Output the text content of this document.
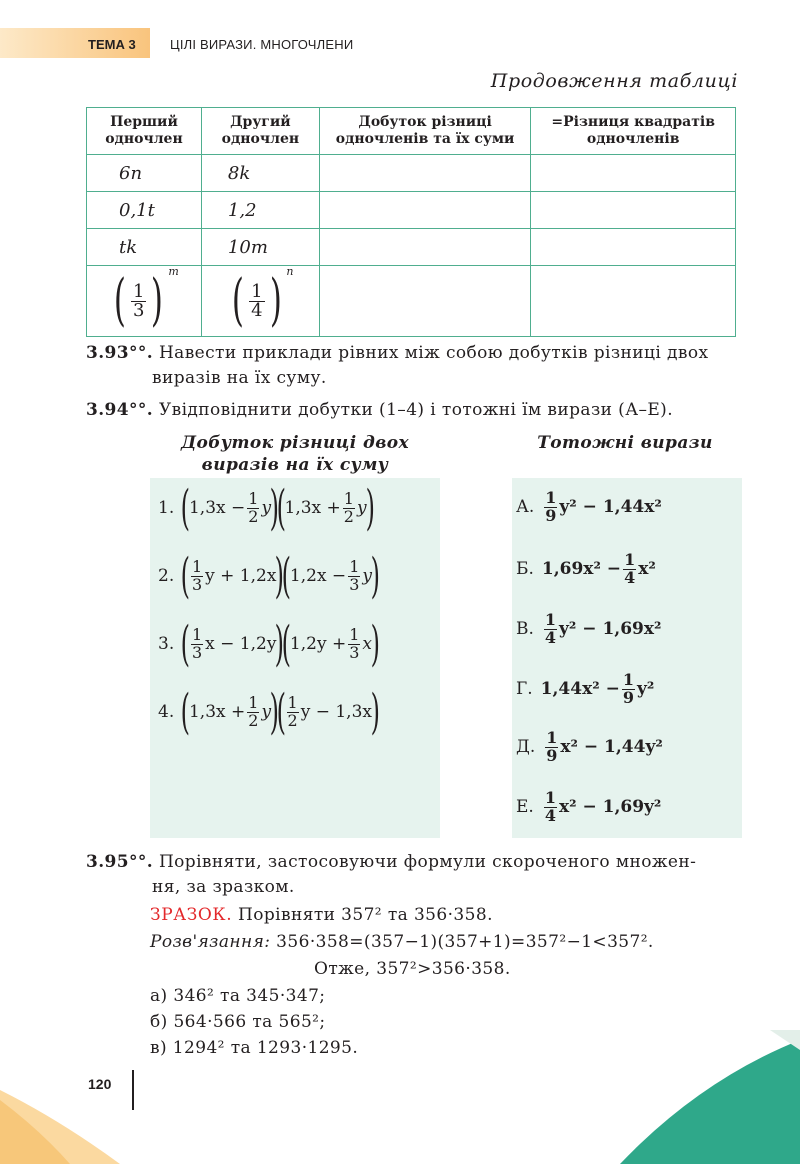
ТЕМА 3	ЦІЛІ ВИРАЗИ. МНОГОЧЛЕНИ
Продовження таблиці
Перший одночлен	Другий одночлен	Добуток різниці одночленів та їх суми	=Різниця квадратів одночленів
6n	8k		
0,1t	1,2		
tk	10m		
( $\frac{1}{3}$ ) $^m$	( $\frac{1}{4}$ ) $^n$		
3.93°°. Навести приклади рівних між собою добутків різниці двох
виразів на їх суму.
3.94°°. Увідповіднити добутки (1–4) і тотожні їм вирази (А–Е).
Добуток різниці двох
виразів на їх суму
Тотожні вирази
1. (
$1,3x - \frac{1}{2}$ y
)
(
$1,3x + \frac{1}{2}$ y
)
2. ( 1
3 y + 1,2x
)
(
$1,2x - \frac{1}{3}$ y
)
3. ( 1
3 x − 1,2y
)
(
$1,2y + \frac{1}{3}$ x
)
4. (
$1,3x + \frac{1}{2}$ y
)
( 1
2 y − 1,3x
)
А. 1
9 y² − 1,44x²
Б. $1,69x^2 - \frac{1}{4} x^2$
В. 1
4 y² − 1,69x²
Г. $1,44x^2 - \frac{1}{9} y^2$
Д. 1
9 x² − 1,44y²
Е. 1
4 x² − 1,69y²
3.95°°. Порівняти, застосовуючи формули скороченого множен-
ня, за зразком.
ЗРАЗОК. Порівняти 357² та 356·358.
Розв'язання: 356·358=(357−1)(357+1)=357²−1<357².
Отже, 357²>356·358.
а) 346² та 345·347;
б) 564·566 та 565²;
в) 1294² та 1293·1295.
120
